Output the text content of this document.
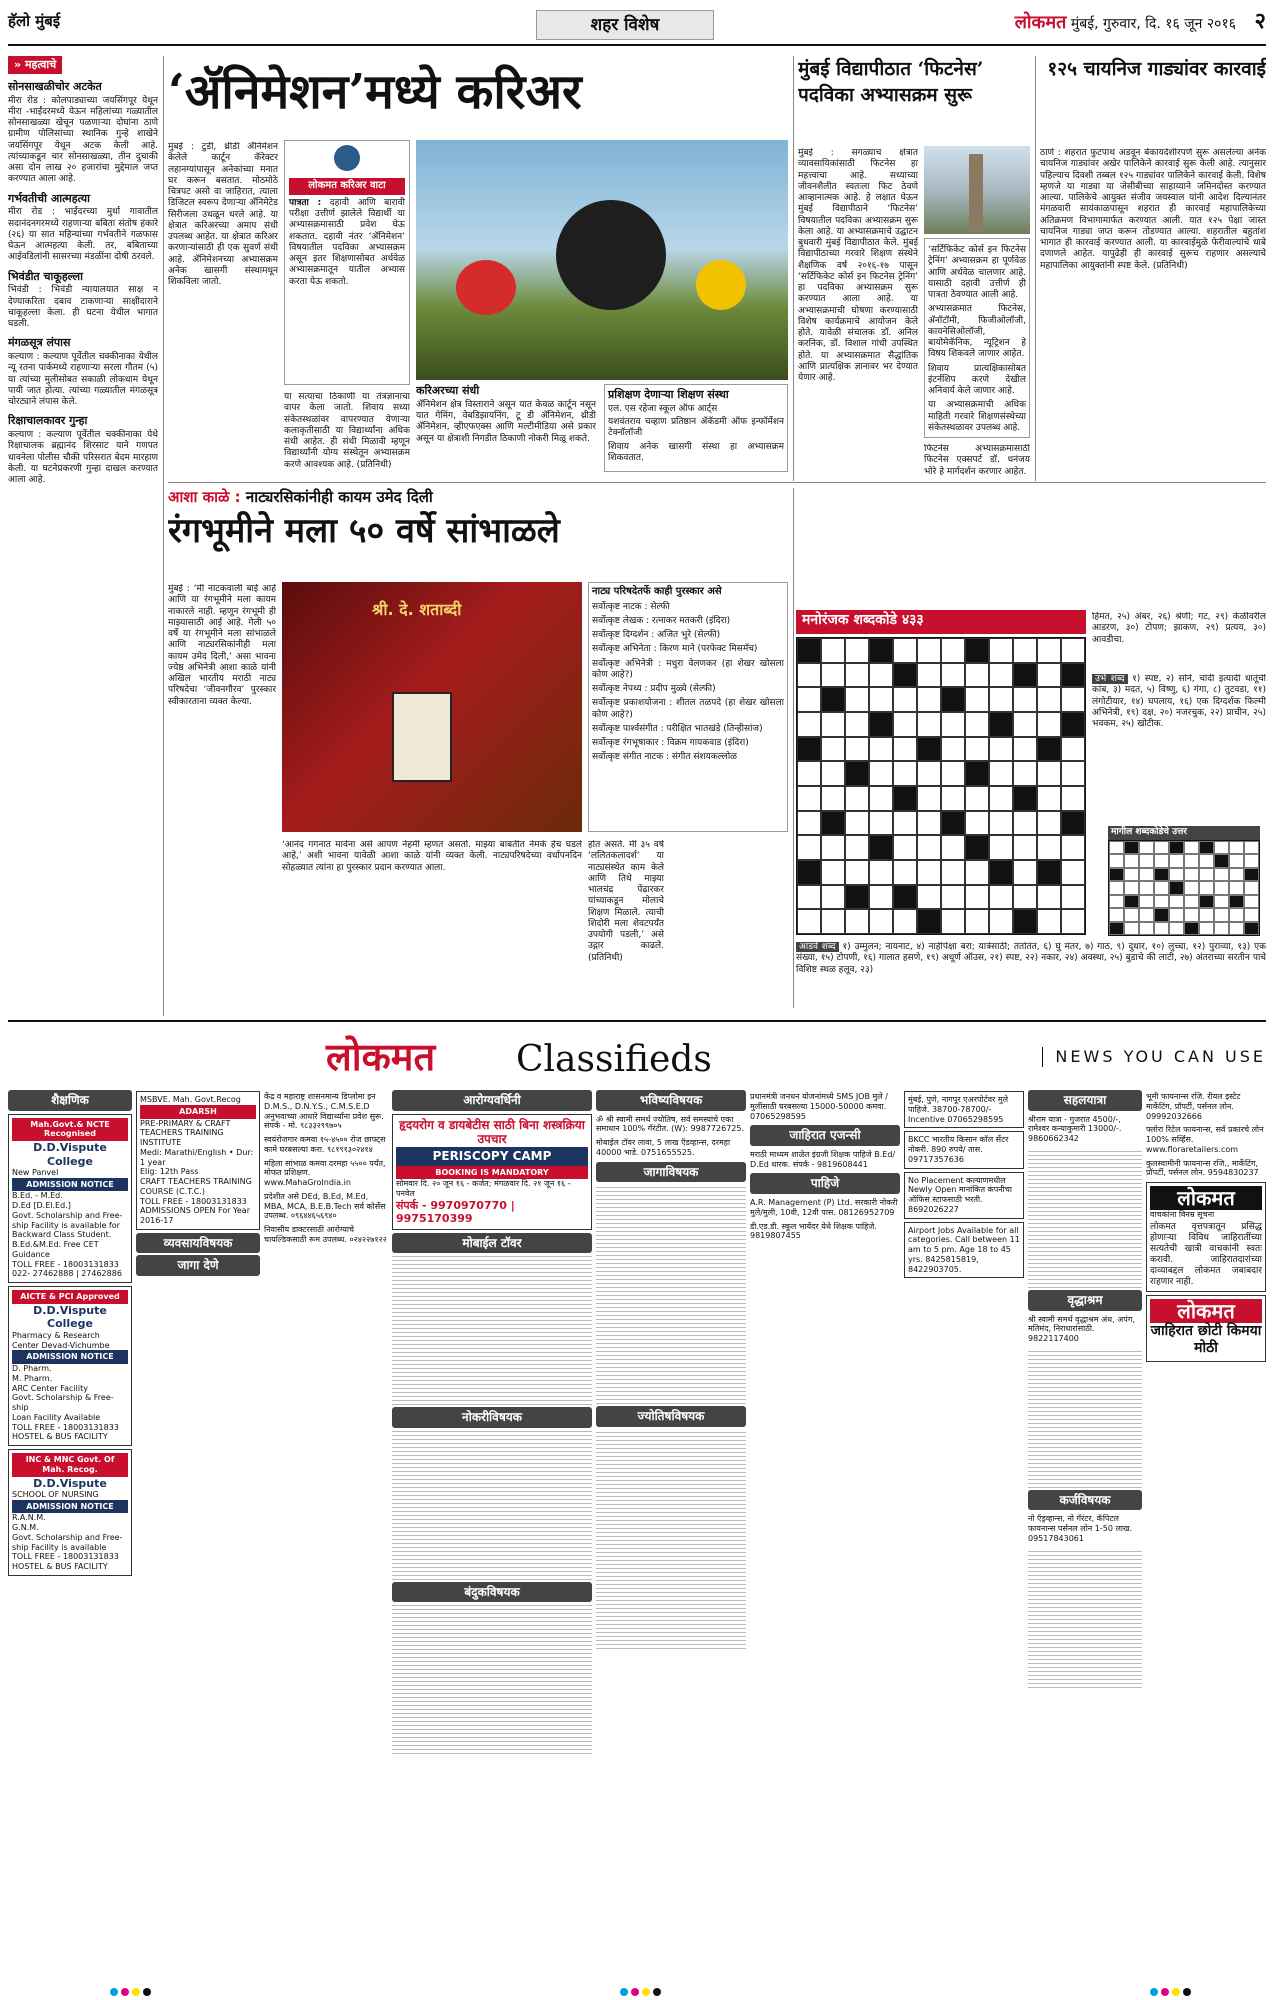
हॅलो मुंबई	शहर विशेष	लोकमत मुंबई, गुरुवार, दि. १६ जून २०१६ २
» महत्वाचे
सोनसाखळीचोर अटकेत
मीरा रोड : कोलपाड्याच्या जयसिंगपूर येथून मीरा -भाईंदरमध्ये येऊन महिलांच्या गळ्यातील सोनसाखळ्या खेचून पळणाऱ्या दोघांना ठाणे ग्रामीण पोलिसांच्या स्थानिक गुन्हे शाखेने जयसिंगपूर येथून अटक केली आहे. त्यांच्याकडून चार सोनसाखळ्या, तीन दुचाकी असा दोन लाख २० हजारांचा मुद्देमाल जप्त करण्यात आला आहे.
गर्भवतीची आत्महत्या
मीरा रोड : भाईंदरच्या मुर्धा गावातील सदानंदनगरमध्ये राहणाऱ्या बबिता संतोष हंकारे (२६) या सात महिन्यांच्या गर्भवतीने गळफास घेऊन आत्महत्या केली. तर, बबिताच्या आईवडिलांनी सासरच्या मंडळींना दोषी ठरवले.
भिवंडीत चाकूहल्ला
भिवंडी : भिवंडी न्यायालयात साक्ष न देण्याकरिता दबाव टाकणाऱ्या साक्षीदाराने चाकूहल्ला केला. ही घटना येथील भागात घडली.
मंगळसूत्र लंपास
कल्याण : कल्याण पूर्वेतील चक्कीनाका येथील न्यू रतना पार्कमध्ये राहणाऱ्या सरला गौतम (५) या त्यांच्या मुलीसोबत सकाळी लोकधाम येथून पायी जात होत्या. त्यांच्या गळ्यातील मंगळसूत्र चोरट्याने लंपास केले.
रिक्षाचालकावर गुन्हा
कल्याण : कल्याण पूर्वेतील चक्कीनाका येथे रिक्षाचालक ब्रह्मानंद शिरसाट याने गणपत धावनेला पोलीस चौकी परिसरात बेदम मारहाण केली. या घटनेप्रकरणी गुन्हा दाखल करण्यात आला आहे.
‘ॲनिमेशन’मध्ये करिअर
मुंबई : टुडी, थ्रीडी ॲनिमेशन केलेले कार्टून कॅरेक्टर लहानग्यांपासून अनेकांच्या मनात घर करून बसतात. मोठमोठे चित्रपट असो वा जाहिरात, त्याला डिजिटल स्वरूप देणाऱ्या ॲनिमेटेड सिरीजला उधळून धरले आहे. या क्षेत्रात करिअरच्या अमाप संधी उपलब्ध आहेत. या क्षेत्रात करिअर करणाऱ्यांसाठी ही एक सुवर्ण संधी आहे. ॲनिमेशनच्या अभ्यासक्रम अनेक खासगी संस्थामधून शिकविला जातो.
लोकमत करिअर वाटा
पात्रता : दहावी आणि बारावी परीक्षा उत्तीर्ण झालेले विद्यार्थी या अभ्यासक्रमासाठी प्रवेश घेऊ शकतात. दहावी नंतर ‘ॲनिमेशन’ विषयातील पदविका अभ्यासक्रम असून इतर शिक्षणासोबत अर्धवेळ अभ्यासक्रमातून यातील अभ्यास करता येऊ शकतो.
या सत्याचा ठिकाणी या तंत्रज्ञानाचा वापर केला जातो. शिवाय सध्या संकेतस्थळांवर वापरण्यात येणाऱ्या कलाकृतीसाठी या विद्यार्थ्यांना अधिक संधी आहेत. ही संधी मिळावी म्हणून विद्यार्थ्यांनी योग्य संस्थेतून अभ्यासक्रम करणे आवश्यक आहे. (प्रतिनिधी)
करिअरच्या संधी
ॲनिमेशन क्षेत्र विस्ताराने असून यात केवळ कार्टून नसून यात गेमिंग, वेबडिझायनिंग, टू डी ॲनिमेशन, थ्रीडी ॲनिमेशन, व्हीएफएक्स आणि मल्टीमीडिया असे प्रकार असून या क्षेत्राशी निगडीत ठिकाणी नोकरी मिळू शकते.
प्रशिक्षण देणाऱ्या शिक्षण संस्था
एल. एस रहेजा स्कूल ऑफ आर्ट्स
यशवंतराव चव्हाण प्रतिष्ठान ॲकॅडमी ऑफ इन्फॉर्मेशन टेक्नॉलॉजी
शिवाय अनेक खासगी संस्था हा अभ्यासक्रम शिकवतात.
मुंबई विद्यापीठात ‘फिटनेस’ पदविका अभ्यासक्रम सुरू
मुंबई : सगळ्याच क्षेत्रात व्यावसायिकांसाठी फिटनेस हा महत्त्वाचा आहे. सध्याच्या जीवनशैलीत स्वतःला फिट ठेवणे आव्हानात्मक आहे. हे लक्षात घेऊन मुंबई विद्यापीठाने ‘फिटनेस’ विषयातील पदविका अभ्यासक्रम सुरू केला आहे. या अभ्यासक्रमाचे उद्घाटन बुधवारी मुंबई विद्यापीठात केले. मुंबई विद्यापीठाच्या गरवारे शिक्षण संस्थेने शैक्षणिक वर्ष २०१६-१७ पासून ‘सर्टिफिकेट कोर्स इन फिटनेस ट्रेनिंग’ हा पदविका अभ्यासक्रम सुरू करण्यात आला आहे. या अभ्यासक्रमाची घोषणा करण्यासाठी विशेष कार्यक्रमाचे आयोजन केले होते. यावेळी संचालक डॉ. अनिल करनिक, डॉ. विशाल गांधी उपस्थित होते. या अभ्यासक्रमात सैद्धांतिक आणि प्रात्यक्षिक ज्ञानावर भर देण्यात येणार आहे.
‘सर्टिफिकेट कोर्स इन फिटनेस ट्रेनिंग’ अभ्यासक्रम हा पूर्णवेळ आणि अर्धवेळ चालणार आहे. यासाठी दहावी उत्तीर्ण ही पात्रता ठेवण्यात आली आहे.
अभ्यासक्रमात फिटनेस, ॲनॉटॉमी, फिजीओलॉजी, कायनेसिओलॉजी, बायोमेकॅनिक, न्यूट्रिशन हे विषय शिकवले जाणार आहेत.
शिवाय प्रात्यक्षिकासोबत इंटर्नशिप करणे देखील अनिवार्य केले जाणार आहे.
या अभ्यासक्रमाची अधिक माहिती गरवारे शिक्षणसंस्थेच्या संकेतस्थळावर उपलब्ध आहे.
फिटनेस अभ्यासक्रमासाठी फिटनेस एक्सपर्ट डॉ. धनंजय भोरे हे मार्गदर्शन करणार आहेत.
१२५ चायनिज गाड्यांवर कारवाई
ठाणे : शहरात फुटपाथ अडवून बेकायदेशीरपणे सुरू असलेल्या अनेक चायनिज गाड्यांवर अखेर पालिकेने कारवाई सुरू केली आहे. त्यानुसार पहिल्याच दिवशी तब्बल १२५ गाड्यांवर पालिकेने कारवाई केली. विशेष म्हणजे या गाड्या या जेसीबीच्या साहाय्याने जमिनदोस्त करण्यात आल्या. पालिकेचे आयुक्त संजीव जयस्वाल यांनी आदेश दिल्यानंतर मंगळवारी सायंकाळपासून शहरात ही कारवाई महापालिकेच्या अतिक्रमण विभागामार्फत करण्यात आली. यात १२५ पेक्षा जास्त चायनिज गाड्या जप्त करून तोडण्यात आल्या. शहरातील बहुतांश भागात ही कारवाई करण्यात आली. या कारवाईमुळे फेरीवाल्यांचे धाबे दणाणले आहेत. यापुढेही ही कारवाई सुरूच राहणार असल्याचे महापालिका आयुक्तांनी स्पष्ट केले. (प्रतिनिधी)
आशा काळे : नाट्यरसिकांनीही कायम उमेद दिली
रंगभूमीने मला ५० वर्षे सांभाळले
मुंबई : ‘मी नाटकवाली बाई आहे आणि या रंगभूमीने मला कायम नाकारले नाही. म्हणून रंगभूमी ही माझ्यासाठी आई आहे. गेली ५० वर्षे या रंगभूमीने मला सांभाळले आणि नाट्यरसिकांनीही मला कायम उमेद दिली,’ असा भावना ज्येष्ठ अभिनेत्री आशा काळे यांनी अखिल भारतीय मराठी नाट्य परिषदेचा ‘जीवनगौरव’ पुरस्कार स्वीकारताना व्यक्त केल्या.
श्री. दे. शताब्दी
‘आनंद गगनात मावेना असे आपण नेहमी म्हणत असतो. माझ्या बाबतीत नेमके हेच घडले आहे,’ अशी भावना यावेळी आशा काळे यांनी व्यक्त केली. नाट्यपरिषदेच्या वर्धापनदिन सोहळ्यात त्यांना हा पुरस्कार प्रदान करण्यात आला.
होत असते. मी ३५ वर्षे ‘ललितकलादर्श’ या नाट्यसंस्थेत काम केले आणि तिथे माझ्या भालचंद्र पेंढारकर यांच्याकडून मोलाचे शिक्षण मिळाले. त्याची शिदोरी मला शेवटपर्यंत उपयोगी पडली,’ असे उद्गार काढले. (प्रतिनिधी)
नाट्य परिषदेतर्फे काही पुरस्कार असे
सर्वोत्कृष्ट नाटक : सेल्फी
सर्वोत्कृष्ट लेखक : रत्नाकर मतकरी (इंदिरा)
सर्वोत्कृष्ट दिग्दर्शन : अजित भुरे (सेल्फी)
सर्वोत्कृष्ट अभिनेता : किरण माने (परफेक्ट मिसमॅच)
सर्वोत्कृष्ट अभिनेत्री : मधुरा वेलणकर (हा शेखर खोसला कोण आहे?)
सर्वोत्कृष्ट नेपथ्य : प्रदीप मुळ्ये (सेल्फी)
सर्वोत्कृष्ट प्रकाशयोजना : शीतल तळपदे (हा शेखर खोसला कोण आहे?)
सर्वोत्कृष्ट पार्श्वसंगीत : परीक्षित भातखंडे (तिन्हीसांज)
सर्वोत्कृष्ट रंगभूषाकार : विक्रम गायकवाड (इंदिरा)
सर्वोत्कृष्ट संगीत नाटक : संगीत संशयकल्लोळ
मनोरंजक शब्दकोडे ४३३	हिमत, २५) अंबर, २६) श्रेणी; गट, २९) केळीवरील आडरण, ३०) टोपण; झाकण, २९) प्रत्यय, ३०) आवडीचा.
उभे शब्द १) स्पष्ट, २) सोने, चांदी इत्यादी धातूंची कांब, ३) मदत, ५) विष्णु, ६) गंगा, ८) तुटवडा, ११) लंगोटीयार, १४) घपलाय, १६) एक दिग्दर्शक फिल्मी अभिनेत्री, १९) दक्ष, २०) नजरचुक, २२) प्राचीन, २५) भवकम, २५) खोटीक.
मागील शब्दकोडेचे उत्तर
आडवे शब्द १) उम्मुलन; नायनाट, ४) नाहीपेक्षा बरा; यात्रेसाठी; तंतोतंत, ६) घु मंतर, ७) गाठ, ९) दुधार, १०) लुच्चा, १२) पुराव्या, १३) एक संख्या, १५) टोपणी, १६) गालात हसणे, १९) अधूर्ण ऑउस, २१) स्पष्ट, २२) नकार, २४) अवस्था, २५) बुडाचे की लाटी, २७) अंतराच्या सरतीन पाचे विशिष्ट स्थळ हलूव, २३)
लोकमत Classifieds	NEWS YOU CAN USE
शैक्षणिक
Mah.Govt.& NCTE Recognised
D.D.Vispute College
New Panvel
ADMISSION NOTICE
B.Ed. - M.Ed.
D.Ed [D.El.Ed.]
Govt. Scholarship and Free-ship Facility is available for Backward Class Student.
B.Ed.&M.Ed. Free CET Guidance
TOLL FREE - 18003131833
022- 27462888 | 27462886
AICTE & PCI Approved
D.D.Vispute College
Pharmacy & Research Center Devad-Vichumbe
ADMISSION NOTICE
D. Pharm.
M. Pharm.
ARC Center Facility
Govt. Scholarship & Free-ship
Loan Facility Available
TOLL FREE - 18003131833
HOSTEL & BUS FACILITY
INC & MNC Govt. Of Mah. Recog.
D.D.Vispute
SCHOOL OF NURSING
ADMISSION NOTICE
R.A.N.M.
G.N.M.
Govt. Scholarship and Free-ship Facility is available
TOLL FREE - 18003131833
HOSTEL & BUS FACILITY
MSBVE. Mah. Govt.Recog
ADARSH
PRE-PRIMARY & CRAFT TEACHERS TRAINING INSTITUTE
Medi: Marathi/English • Dur: 1 year
Elig: 12th Pass
CRAFT TEACHERS TRAINING COURSE (C.T.C.)
TOLL FREE - 18003131833
ADMISSIONS OPEN For Year 2016-17
व्यवसायविषयक
जागा देणे
केंद्र व महाराष्ट्र शासनमान्य डिप्लोमा इन D.M.S., D.N.Y.S., C.M.S.E.D अनुभवाच्या आधारे विद्यार्थ्यांना प्रवेश सुरू. संपर्क - मो. ९८३३२९९७०५
स्वयंरोजगार कमवा १५-४५०० रोज छाफ्ट्स कामे घरबसल्या करा. ९८१९१३०२४१४
महिला सांभाळ कमवा दरमहा ५५०० पर्यंत, मोफत प्रशिक्षण. www.MahaGroIndia.in
प्रदेशीत असे DEd, B.Ed, M.Ed, MBA, MCA, B.E.B.Tech सर्व कोर्सेस उपलब्ध. ०९६४४६५६९४०
निवासीय डाक्टरसाठी आरोग्याचे चायल्डिकसाठी रूम उपलब्ध. ०२४२२७१२२
आरोग्यवर्धिनी
हृदयरोग व डायबेटीस साठी बिना शस्त्रक्रिया उपचार
PERISCOPY CAMP
BOOKING IS MANDATORY
सोमवार दि. २० जून १६ - कर्जत; मंगळवार दि. २१ जून १६ - पनवेल
संपर्क - 9970970770 | 9975170399
मोबाईल टॉवर
नोकरीविषयक
बंदुकविषयक
भविष्यविषयक
ॐ श्री स्वामी समर्थ ज्योतिष, सर्व समस्यांचे एका समाधान 100% गॅरंटीत. (W): 9987726725.
मोबाईल टॉवर लावा, 5 लाख ऍडव्हान्स, दरमहा 40000 भाडे. 0751655525.
जागाविषयक
ज्योतिषविषयक
प्रधानमंत्री जनधन योजनांमध्ये SMS JOB मुले / मुलींसाठी घरबसल्या 15000-50000 कमवा. 07065298595
जाहिरात एजन्सी
मराठी माध्यम शाळेत इंग्रजी शिक्षक पाहिजे B.Ed/ D.Ed धारक. संपर्क - 9819608441
पाहिजे
A.R. Management (P) Ltd. सरकारी नोकरी मुले/मुली, 10वी, 12वी पास. 08126952709
डी.एड.डी. स्कूल भायेंदर येथे शिक्षक पाहिजे. 9819807455
मुंबई, पुणे, नागपूर एअरपोर्टवर मुले पाहिजे. 38700-78700/- Incentive 07065298595
BKCC भारतीय किसान कॉल सेंटर नोकरी. 890 रुपये/ तास. 09717357636
No Placement कल्याणमधील Newly Open मानांकित कंपनीचा ऑफिस स्टाफसाठी भरती. 8692026227
Airport Jobs Available for all categories. Call between 11 am to 5 pm. Age 18 to 45 yrs. 8425815819, 8422903705.
सहलयात्रा
श्रीराम यात्रा - गुजरात 4500/-, रामेश्वर कन्याकुमारी 13000/-. 9860662342
वृद्धाश्रम
श्री स्वामी समर्थ वृद्धाश्रम अंध, अपंग, मतिमंद, निराधारांसाठी. 9822117400
कर्जविषयक
नो ऍड्रव्हान्स, नो गॅरंटर, कॅपिटल फायनान्स पर्सनल लोन 1-50 लाख. 09517843061
भूमी फायनान्स रजि. रीयल इस्टेट मार्केटिंग, प्रॉपर्टी, पर्सनल लोन. 09992032666
फ्लोरा रिटेल फायनान्स, सर्व प्रकारचे लोन 100% सर्व्हिस. www.floraretailers.com
कुलस्वामीनी फायनान्स रजि., मार्केटिंग, प्रॉपर्टी, पर्सनल लोन. 9594830237
लोकमत
वाचकांना विनम्र सूचना
लोकमत वृत्तपत्रातून प्रसिद्ध होणाऱ्या विविध जाहिरातींच्या सत्यतेची खात्री वाचकांनी स्वतः करावी. जाहिरातदारांच्या दाव्याबद्दल लोकमत जबाबदार राहणार नाही.
लोकमत
जाहिरात छोटी किमया मोठी
